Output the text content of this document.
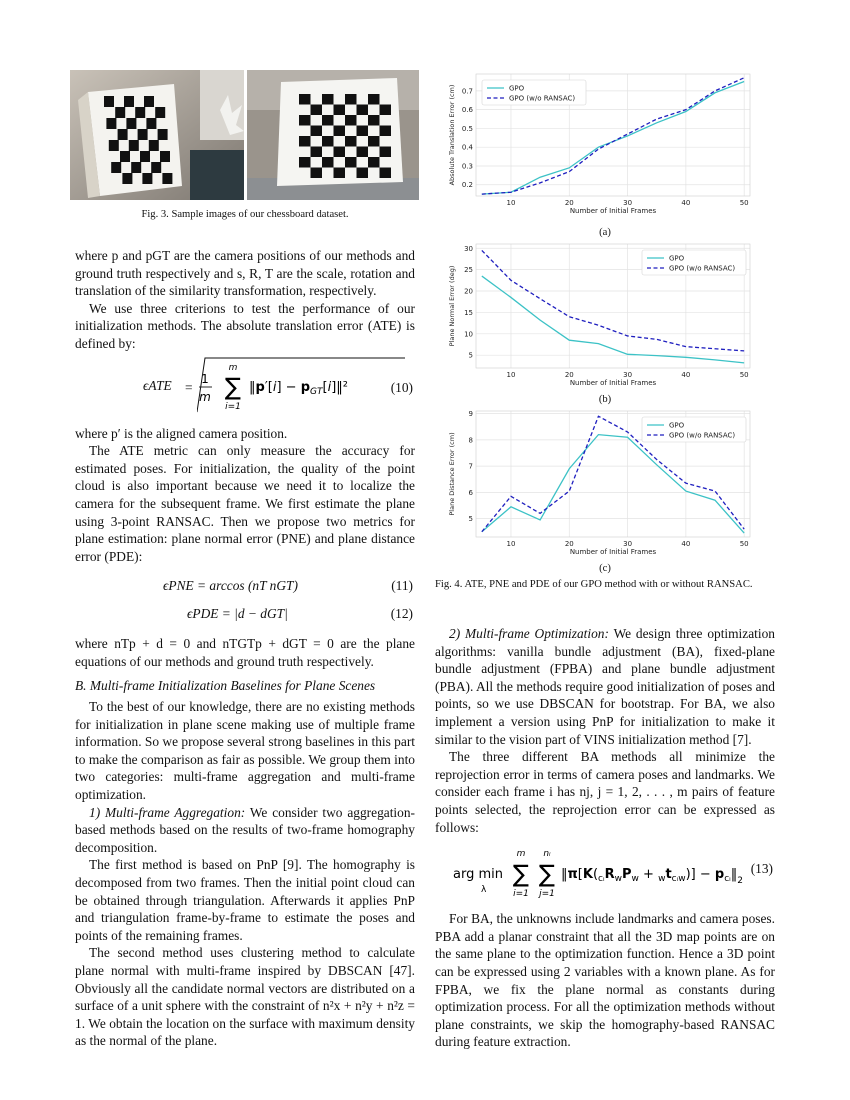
Fig. 3. Sample images of our chessboard dataset.

where p and pGT are the camera positions of our methods and ground truth respectively and s, R, T are the scale, rotation and translation of the similarity transformation, respectively.

We use three criterions to test the performance of our initialization methods. The absolute translation error (ATE) is defined by:

ϵATE =
1
m
m
∑
i=1
‖p′[i] − $p_{GT}[i]‖^2$	(10)

where p′ is the aligned camera position.

The ATE metric can only measure the accuracy for estimated poses. For initialization, the quality of the point cloud is also important because we need it to localize the camera for the subsequent frame. We first estimate the plane using 3-point RANSAC. Then we propose two metrics for plane estimation: plane normal error (PNE) and plane distance error (PDE):

ϵPNE = arccos (nT nGT)	(11)
ϵPDE = |d − dGT|	(12)

where nTp + d = 0 and nTGTp + dGT = 0 are the plane equations of our methods and ground truth respectively.

B. Multi-frame Initialization Baselines for Plane Scenes

To the best of our knowledge, there are no existing methods for initialization in plane scene making use of multiple frame information. So we propose several strong baselines in this part to make the comparison as fair as possible. We group them into two categories: multi-frame aggregation and multi-frame optimization.

1) Multi-frame Aggregation: We consider two aggregation-based methods based on the results of two-frame homography decomposition.

The first method is based on PnP [9]. The homography is decomposed from two frames. Then the initial point cloud can be obtained through triangulation. Afterwards it applies PnP and triangulation frame-by-frame to estimate the poses and points of the remaining frames.

The second method uses clustering method to calculate plane normal with multi-frame inspired by DBSCAN [47]. Obviously all the candidate normal vectors are distributed on a surface of a unit sphere with the constraint of n²x + n²y + n²z = 1. We obtain the location on the surface with maximum density as the normal of the plane.

10	20	30	40	50
0.2
0.3
0.4
0.5
0.6
0.7
Number of Initial Frames
Absolute Translation Error (cm)	GPO
GPO (w/o RANSAC)
(a)
10	20	30	40	50
5
10
15
20
25
30
Number of Initial Frames
Plane Normal Error (deg)
GPO
GPO (w/o RANSAC)
(b)
10	20	30	40	50
5
6
7
8
9
Number of Initial Frames
Plane Distance Error (cm)
GPO
GPO (w/o RANSAC)
(c)
Fig. 4. ATE, PNE and PDE of our GPO method with or without RANSAC.

2) Multi-frame Optimization: We design three optimization algorithms: vanilla bundle adjustment (BA), fixed-plane bundle adjustment (FPBA) and plane bundle adjustment (PBA). All the methods require good initialization of poses and points, so we use DBSCAN for bootstrap. For BA, we also implement a version using PnP for initialization to make it similar to the vision part of VINS initialization method [7].

The three different BA methods all minimize the reprojection error in terms of camera poses and landmarks. We consider each frame i has nj, j = 1, 2, . . . , m pairs of feature points selected, the reprojection error can be expressed as follows:

arg min
λ
m
∑
i=1
nᵢ
∑
j=1
$‖\pi[K(_{cᵢ}R_wP_w + _wt_{cᵢw})]$ − $p_{cᵢ}‖_2$
(13)

For BA, the unknowns include landmarks and camera poses. PBA add a planar constraint that all the 3D map points are on the same plane to the optimization function. Hence a 3D point can be expressed using 2 variables with a known plane. As for FPBA, we fix the plane normal as constants during optimization process. For all the optimization methods without plane constraints, we skip the homography-based RANSAC during feature extraction.
